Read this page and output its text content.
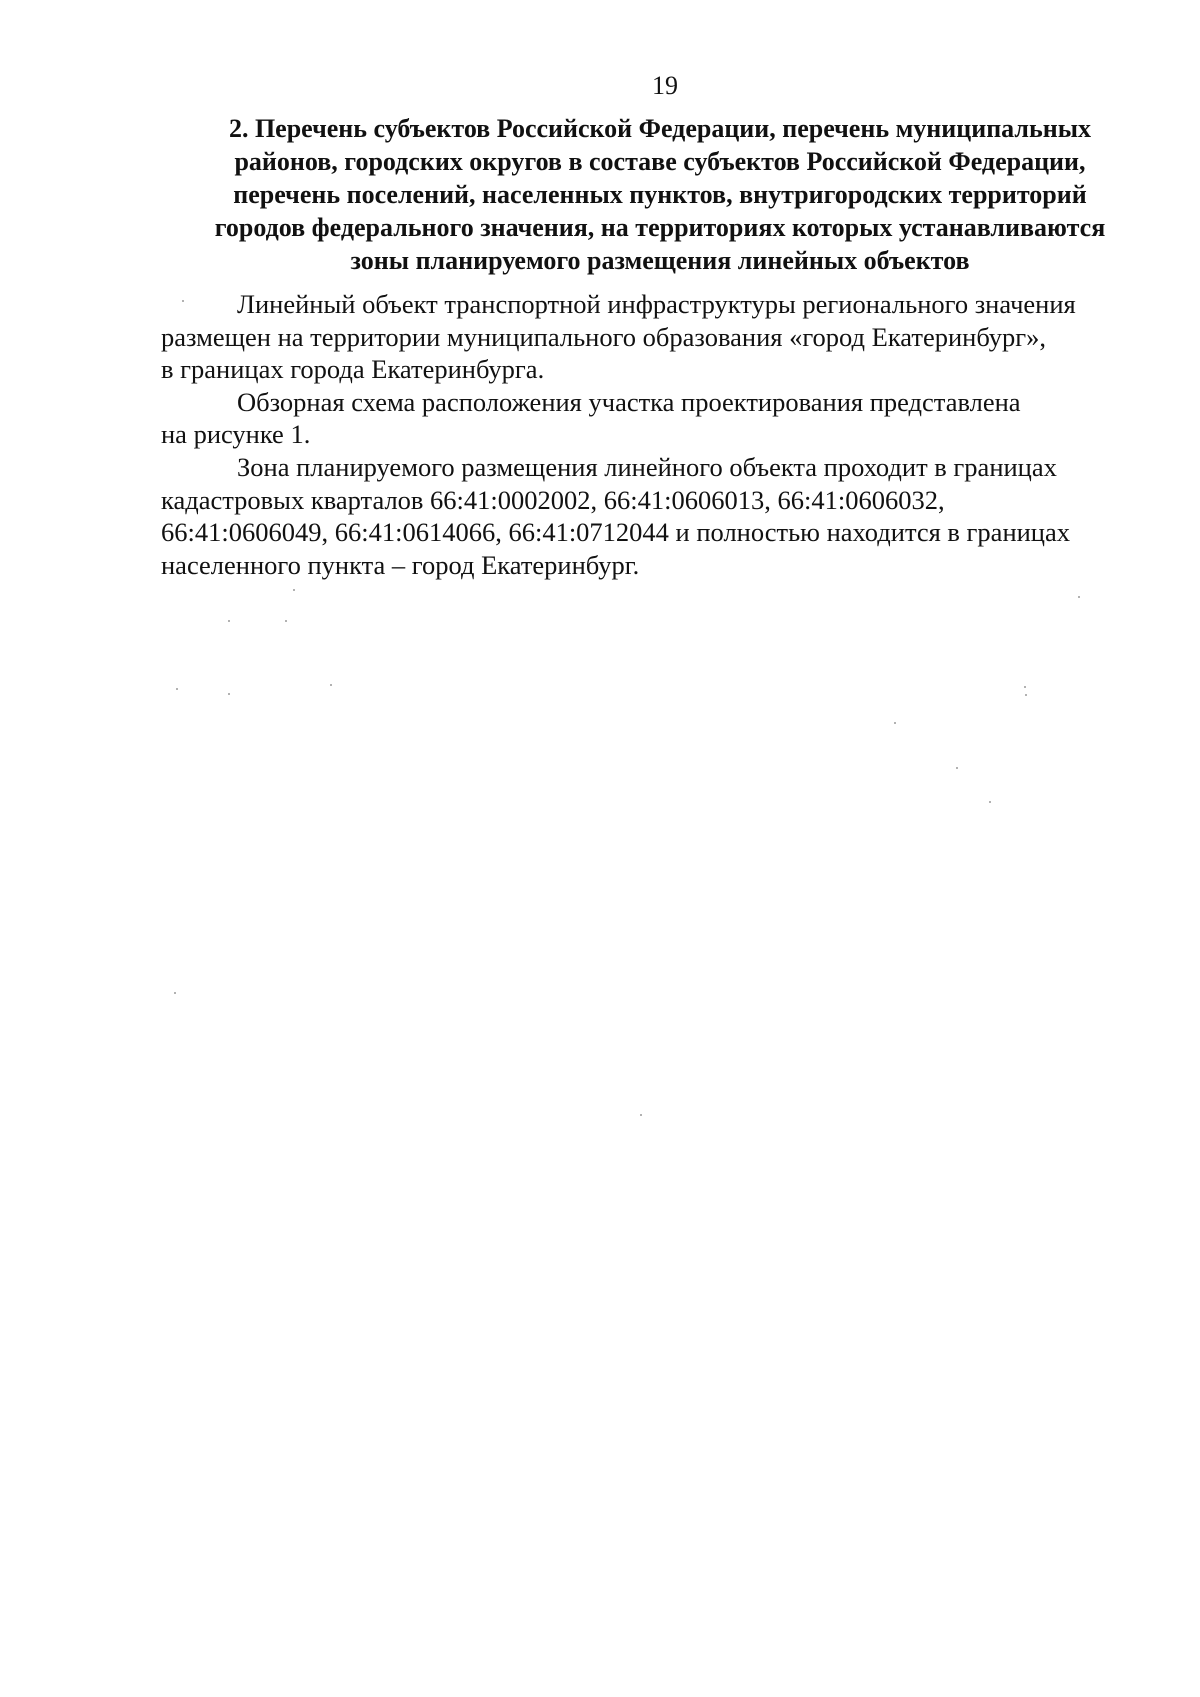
19
2. Перечень субъектов Российской Федерации, перечень муниципальных
районов, городских округов в составе субъектов Российской Федерации,
перечень поселений, населенных пунктов, внутригородских территорий
городов федерального значения, на территориях которых устанавливаются
зоны планируемого размещения линейных объектов
Линейный объект транспортной инфраструктуры регионального значения
размещен на территории муниципального образования «город Екатеринбург»,
в границах города Екатеринбурга.
Обзорная схема расположения участка проектирования представлена
на рисунке 1.
Зона планируемого размещения линейного объекта проходит в границах
кадастровых кварталов 66:41:0002002, 66:41:0606013, 66:41:0606032,
66:41:0606049, 66:41:0614066, 66:41:0712044 и полностью находится в границах
населенного пункта – город Екатеринбург.
